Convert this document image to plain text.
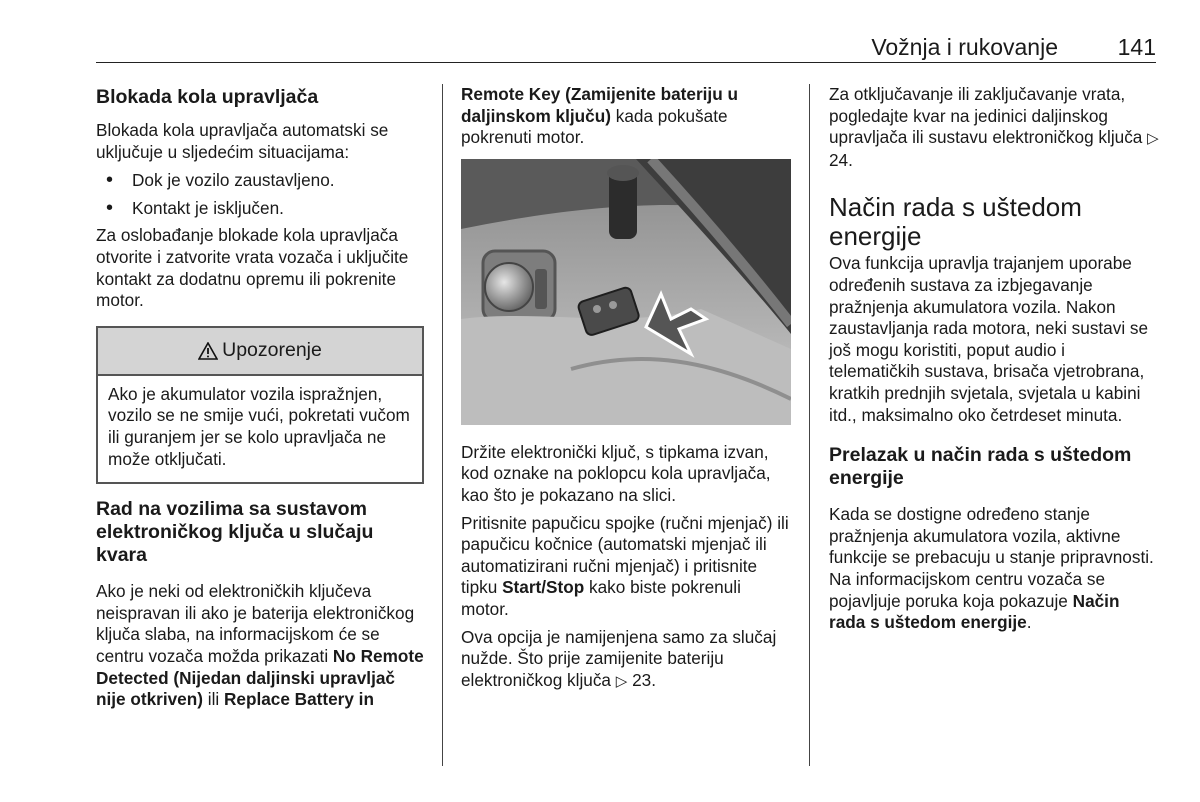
Vožnja i rukovanje	141
Blokada kola upravljača

Blokada kola upravljača automatski se uključuje u sljedećim situacijama:

• Dok je vozilo zaustavljeno.
• Kontakt je isključen.

Za oslobađanje blokade kola upravljača otvorite i zatvorite vrata vozača i uključite kontakt za dodatnu opremu ili pokrenite motor.

Upozorenje

Ako je akumulator vozila ispražnjen, vozilo se ne smije vući, pokretati vučom ili guranjem jer se kolo upravljača ne može otključati.

Rad na vozilima sa sustavom elektroničkog ključa u slučaju kvara

Ako je neki od elektroničkih ključeva neispravan ili ako je baterija elektroničkog ključa slaba, na informacijskom će se centru vozača možda prikazati No Remote Detected (Nijedan daljinski upravljač nije otkriven) ili Replace Battery in

Remote Key (Zamijenite bateriju u daljinskom ključu) kada pokušate pokrenuti motor.

Držite elektronički ključ, s tipkama izvan, kod oznake na poklopcu kola upravljača, kao što je pokazano na slici.

Pritisnite papučicu spojke (ručni mjenjač) ili papučicu kočnice (automatski mjenjač ili automatizirani ručni mjenjač) i pritisnite tipku Start/Stop kako biste pokrenuli motor.

Ova opcija je namijenjena samo za slučaj nužde. Što prije zamijenite bateriju elektroničkog ključa ▷ 23.

Za otključavanje ili zaključavanje vrata, pogledajte kvar na jedinici daljinskog upravljača ili sustavu elektroničkog ključa ▷ 24.

Način rada s uštedom energije

Ova funkcija upravlja trajanjem uporabe određenih sustava za izbjegavanje pražnjenja akumulatora vozila. Nakon zaustavljanja rada motora, neki sustavi se još mogu koristiti, poput audio i telematičkih sustava, brisača vjetrobrana, kratkih prednjih svjetala, svjetala u kabini itd., maksimalno oko četrdeset minuta.

Prelazak u način rada s uštedom energije

Kada se dostigne određeno stanje pražnjenja akumulatora vozila, aktivne funkcije se prebacuju u stanje pripravnosti. Na informacijskom centru vozača se pojavljuje poruka koja pokazuje Način rada s uštedom energije.
